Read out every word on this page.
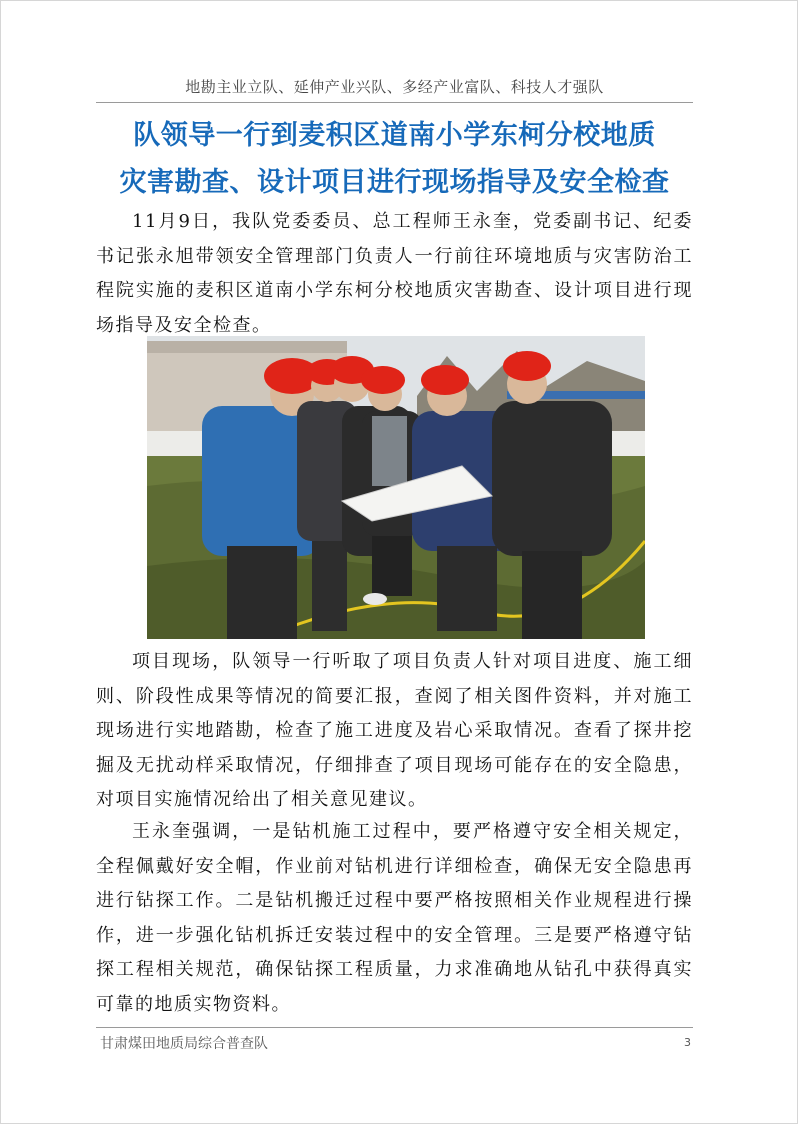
地勘主业立队、延伸产业兴队、多经产业富队、科技人才强队
队领导一行到麦积区道南小学东柯分校地质
灾害勘查、设计项目进行现场指导及安全检查

11月9日，我队党委委员、总工程师王永奎，党委副书记、纪委书记张永旭带领安全管理部门负责人一行前往环境地质与灾害防治工程院实施的麦积区道南小学东柯分校地质灾害勘查、设计项目进行现场指导及安全检查。

项目现场，队领导一行听取了项目负责人针对项目进度、施工细则、阶段性成果等情况的简要汇报，查阅了相关图件资料，并对施工现场进行实地踏勘，检查了施工进度及岩心采取情况。查看了探井挖掘及无扰动样采取情况，仔细排查了项目现场可能存在的安全隐患，对项目实施情况给出了相关意见建议。

王永奎强调，一是钻机施工过程中，要严格遵守安全相关规定，全程佩戴好安全帽，作业前对钻机进行详细检查，确保无安全隐患再进行钻探工作。二是钻机搬迁过程中要严格按照相关作业规程进行操作，进一步强化钻机拆迁安装过程中的安全管理。三是要严格遵守钻探工程相关规范，确保钻探工程质量，力求准确地从钻孔中获得真实可靠的地质实物资料。

甘肃煤田地质局综合普查队	3
